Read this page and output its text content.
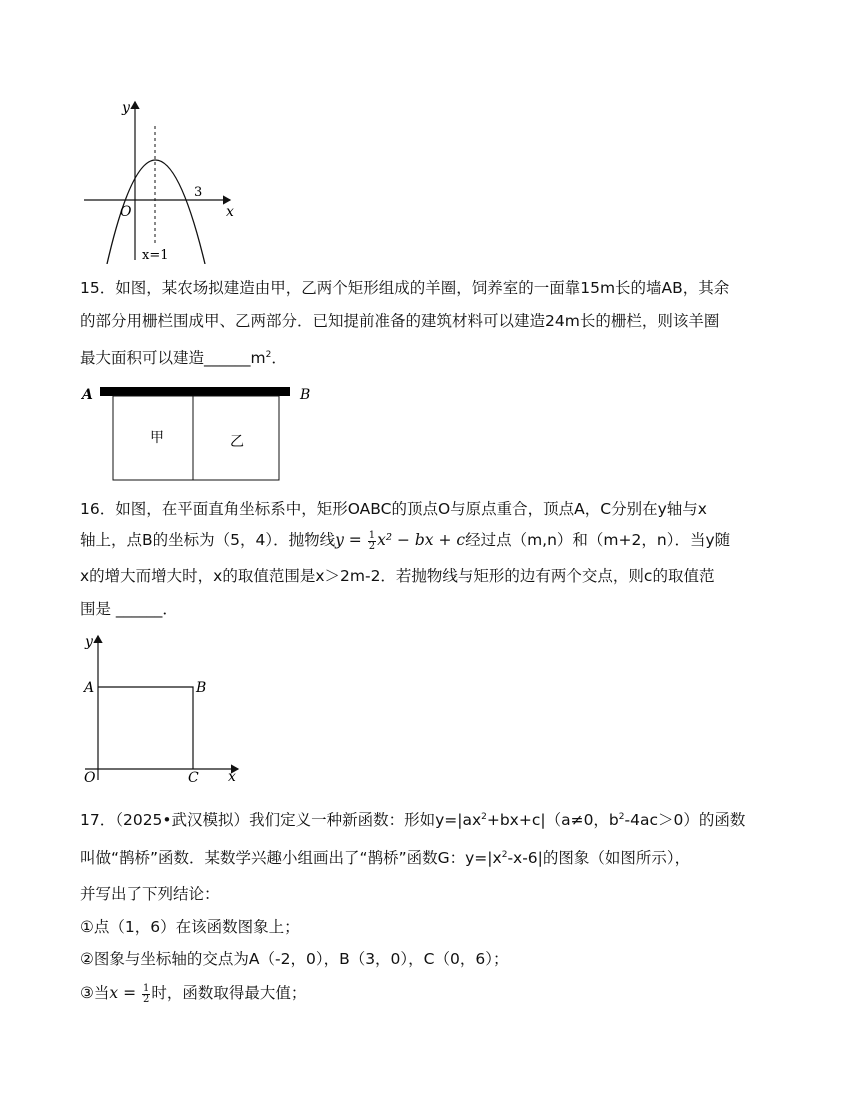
y
x
O
3
x=1
15．如图，某农场拟建造由甲，乙两个矩形组成的羊圈，饲养室的一面靠15m长的墙AB，其余
的部分用栅栏围成甲、乙两部分．已知提前准备的建筑材料可以建造24m长的栅栏，则该羊圈
最大面积可以建造$\_\_\_\_\_\_m^2$．
A	B
甲	乙
16．如图，在平面直角坐标系中，矩形OABC的顶点O与原点重合，顶点A，C分别在y轴与x
轴上，点B的坐标为（5，4）．抛物线$y = \frac{1}{2} x^2$ − bx + c经过点（m,n）和（m+2，n）．当y随
x的增大而增大时，x的取值范围是x＞2m-2．若抛物线与矩形的边有两个交点，则c的取值范
围是 ______．
y
x
O
A	B
C
17．（2025•武汉模拟）我们定义一种新函数：形如$y=|ax^2+bx+c|(a\ne 0$，$b^2-4ac>0$）的函数
叫做“鹊桥”函数．某数学兴趣小组画出了“鹊桥”函数G：$y=|x^2-x-6|$的图象（如图所示），
并写出了下列结论：
①点（1，6）在该函数图象上；
②图象与坐标轴的交点为A（-2，0），B（3，0），C（0，6）；
③当$x = \frac{1}{2}$ 时，函数取得最大值；
